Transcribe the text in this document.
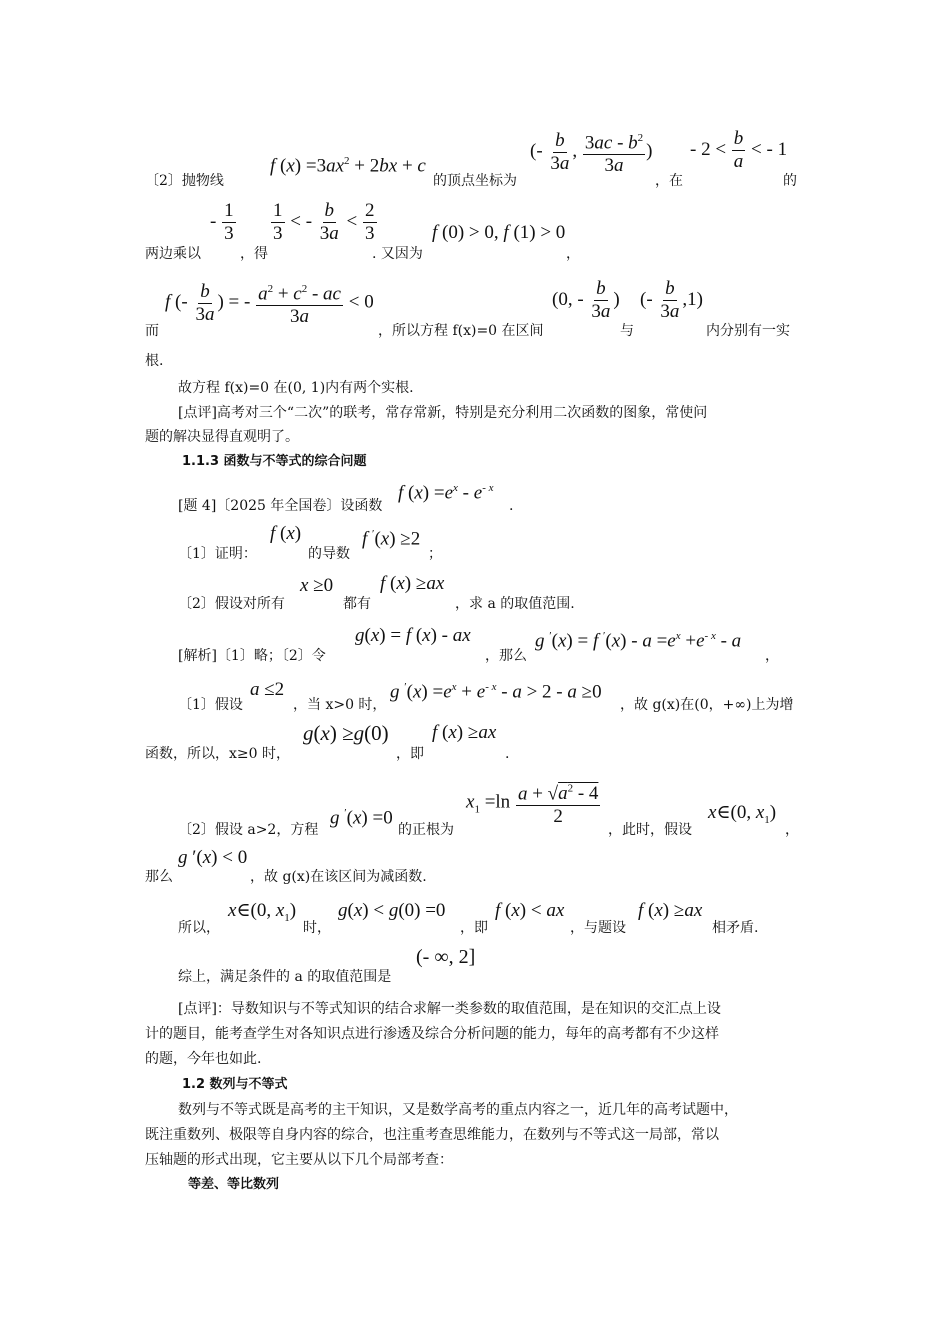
〔2〕抛物线
f $(x) =3ax^2 + 2bx + c$
的顶点坐标为
(- $\frac{b}{3a}$ , $\frac{3ac - b^2}{3a}$ )
，在
- $2 < \frac{b}{a}$ < - 1
的
- $\frac{1}{3} \frac{1}{3}$ < - $\frac{b}{3a} < \frac{2}{3}$
两边乘以	，得	. 又因为
f (0) > 0, f (1) > 0
，
f (- $\frac{b}{3a}$ ) = - $\frac{a^2 + c^2 - ac}{3a} < 0$
而	，所以方程 f(x)=0 在区间
(0, - $\frac{b}{3a}$ )
与
(- $\frac{b}{3a} ,1$)
内分别有一实
根.
故方程 f(x)=0 在(0, 1)内有两个实根.
[点评]高考对三个“二次”的联考，常存常新，特别是充分利用二次函数的图象，常使问
题的解决显得直观明了。
1.1.3 函数与不等式的综合问题
[题 4]〔2025 年全国卷〕设函数
f $(x) =e^x - e^{- x}$
.
〔1〕证明：
f (x)
的导数
f ′(x) ≥2
；
〔2〕假设对所有
x ≥0
都有
f (x) ≥ax
，求 a 的取值范围.
[解析]〔1〕略；〔2〕令
g(x) = f (x) - ax
，那么
g ′(x) = f $'(x) - a =e^x +e^{- x} - a$
，
〔1〕假设
a ≤2
，当 x>0 时，
g $'(x) =e^x + e^{- x} - a > 2 - a \ge 0$
，故 g(x)在(0，+∞)上为增
函数，所以，x≥0 时，
g(x) ≥g(0)
，即
f (x) ≥ax
.
〔2〕假设 a>2，方程
g ′(x) =0
的正根为
$x_1 =\ln \frac{a + √a^2 - 4}{2}$
，此时，假设
x∈(0, $x_1$)
，
g ′(x) < 0
那么	，故 g(x)在该区间为减函数.
所以，
x∈(0, $x_1$)
时，
g(x) < g(0) =0
，即
f (x) < ax
，与题设
f (x) ≥ax
相矛盾.
综上，满足条件的 a 的取值范围是
(- ∞, 2]
[点评]：导数知识与不等式知识的结合求解一类参数的取值范围，是在知识的交汇点上设
计的题目，能考查学生对各知识点进行渗透及综合分析问题的能力，每年的高考都有不少这样
的题，今年也如此.
1.2 数列与不等式
数列与不等式既是高考的主干知识，又是数学高考的重点内容之一，近几年的高考试题中，
既注重数列、极限等自身内容的综合，也注重考查思维能力，在数列与不等式这一局部，常以
压轴题的形式出现，它主要从以下几个局部考查：
等差、等比数列
